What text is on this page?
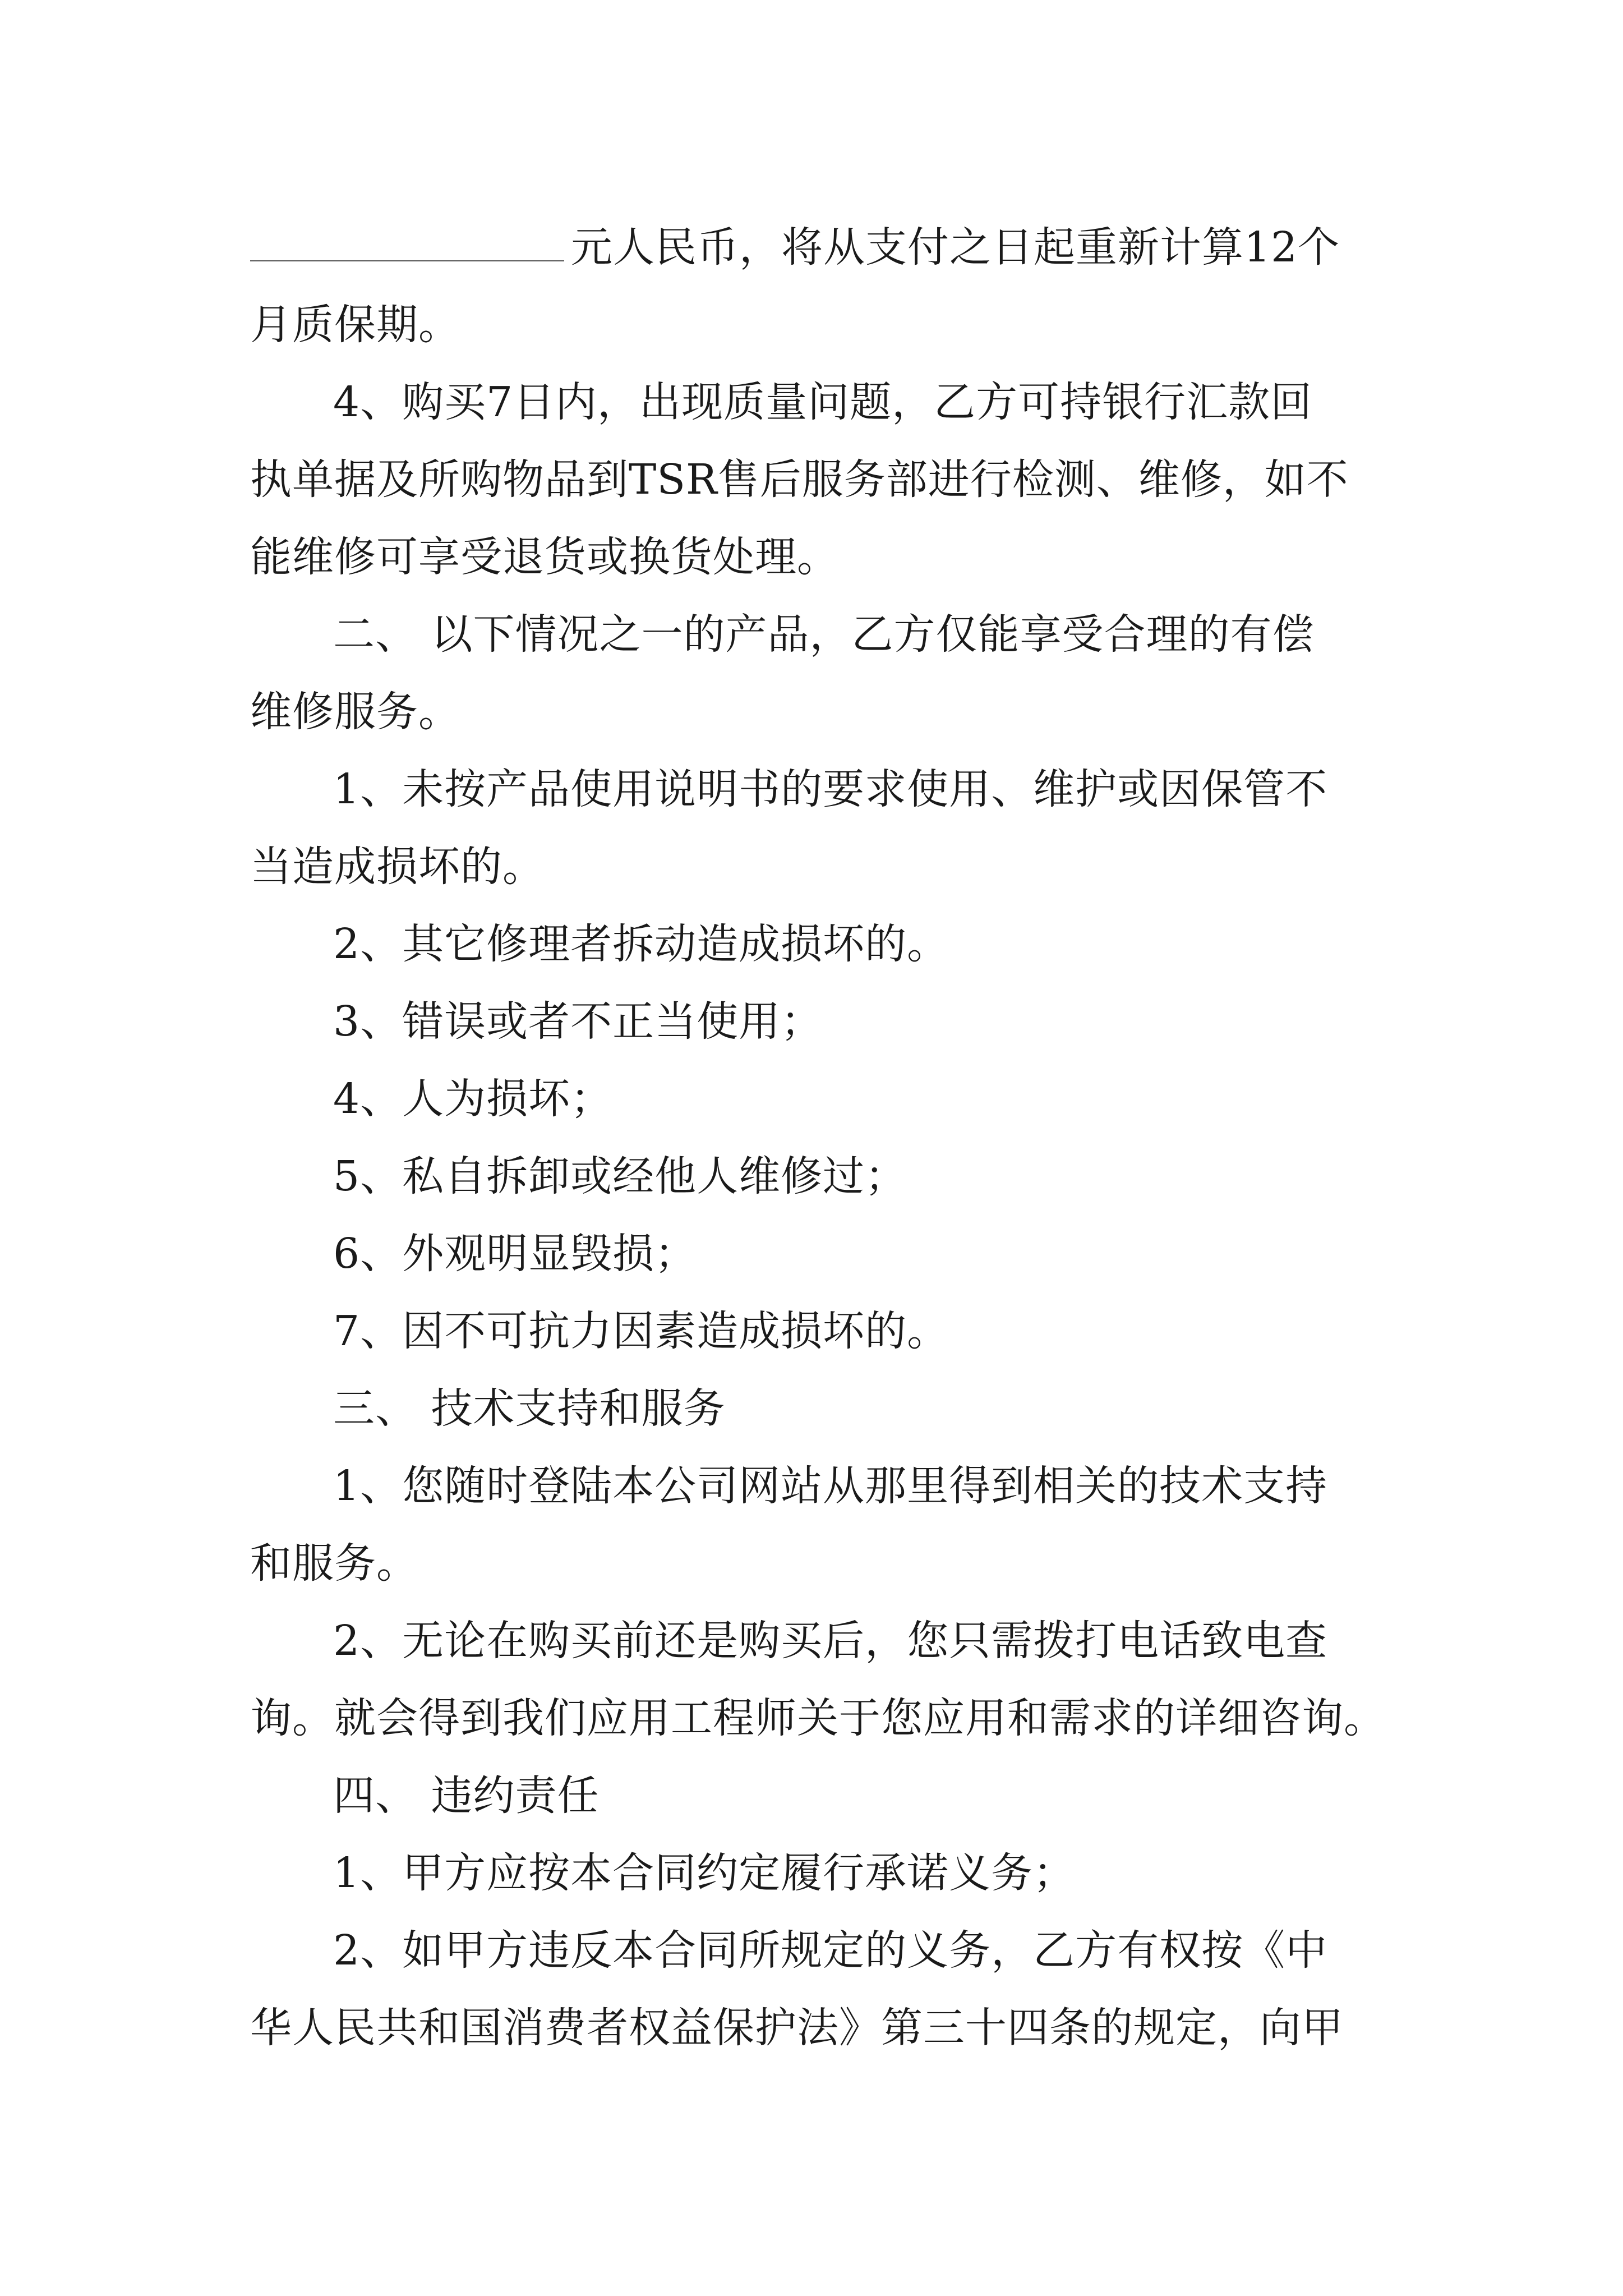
元人民币，将从支付之日起重新计算12个
月质保期。
4、购买7日内，出现质量问题，乙方可持银行汇款回
执单据及所购物品到TSR售后服务部进行检测、维修，如不
能维修可享受退货或换货处理。
二、 以下情况之一的产品，乙方仅能享受合理的有偿
维修服务。
1、未按产品使用说明书的要求使用、维护或因保管不
当造成损坏的。
2、其它修理者拆动造成损坏的。
3、错误或者不正当使用；
4、人为损坏；
5、私自拆卸或经他人维修过；
6、外观明显毁损；
7、因不可抗力因素造成损坏的。
三、 技术支持和服务
1、您随时登陆本公司网站从那里得到相关的技术支持
和服务。
2、无论在购买前还是购买后，您只需拨打电话致电查
询。就会得到我们应用工程师关于您应用和需求的详细咨询。
四、 违约责任
1、甲方应按本合同约定履行承诺义务；
2、如甲方违反本合同所规定的义务，乙方有权按《中
华人民共和国消费者权益保护法》第三十四条的规定，向甲
